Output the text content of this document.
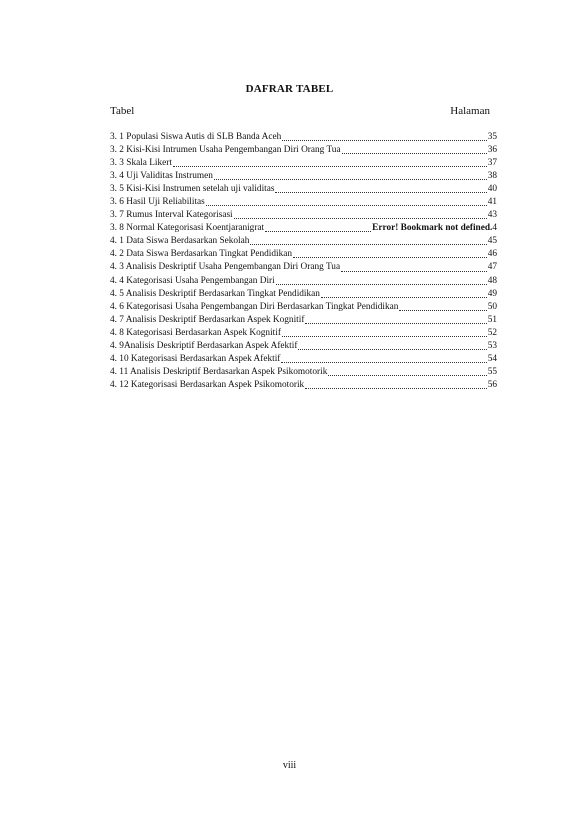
DAFRAR TABEL
Tabel	Halaman
3. 1 Populasi Siswa Autis di SLB Banda Aceh	35
3. 2 Kisi-Kisi Intrumen Usaha Pengembangan Diri Orang Tua	36
3. 3 Skala Likert	37
3. 4 Uji Validitas Instrumen	38
3. 5 Kisi-Kisi Instrumen setelah uji validitas	40
3. 6 Hasil Uji Reliabilitas	41
3. 7 Rumus Interval Kategorisasi	43
3. 8 Normal Kategorisasi Koentjaranigrat	Error! Bookmark not defined. 4
4. 1 Data Siswa Berdasarkan Sekolah	45
4. 2 Data Siswa Berdasarkan Tingkat Pendidikan	46
4. 3 Analisis Deskriptif Usaha Pengembangan Diri Orang Tua	47
4. 4 Kategorisasi Usaha Pengembangan Diri	48
4. 5 Analisis Deskriptif Berdasarkan Tingkat Pendidikan	49
4. 6 Kategorisasi Usaha Pengembangan Diri Berdasarkan Tingkat Pendidikan	50
4. 7 Analisis Deskriptif Berdasarkan Aspek Kognitif	51
4. 8 Kategorisasi Berdasarkan Aspek Kognitif	52
4. 9Analisis Deskriptif Berdasarkan Aspek Afektif	53
4. 10 Kategorisasi Berdasarkan Aspek Afektif	54
4. 11 Analisis Deskriptif Berdasarkan Aspek Psikomotorik	55
4. 12 Kategorisasi Berdasarkan Aspek Psikomotorik	56
viii
